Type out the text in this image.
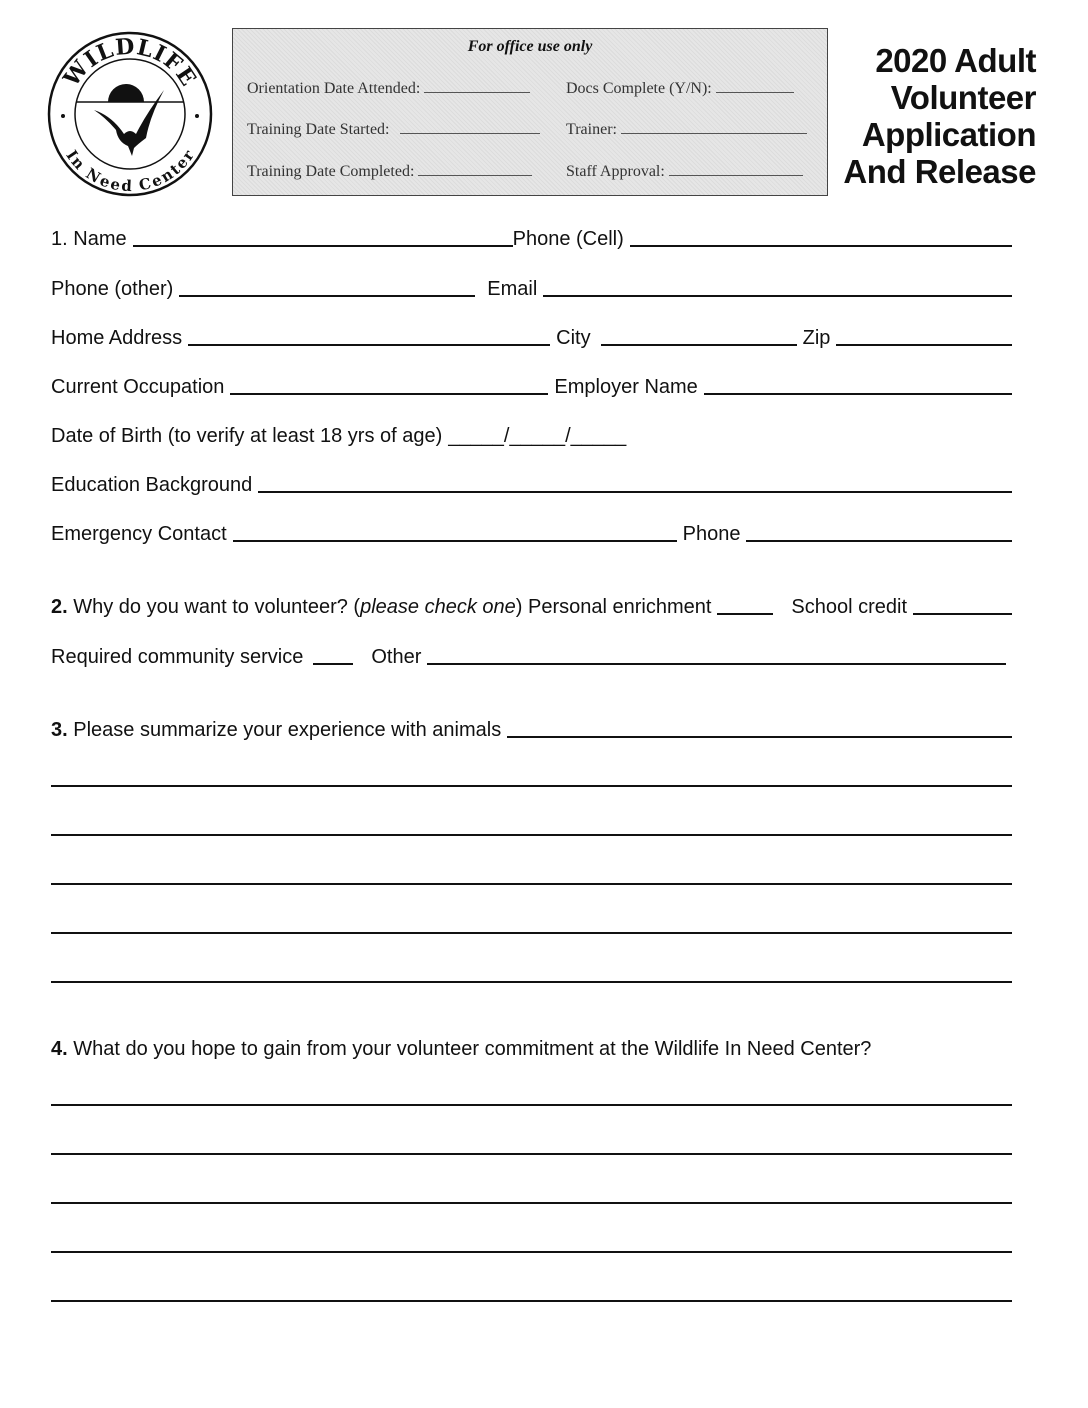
WILDLIFE
In Need Center
For office use only
Orientation Date Attended:	Docs Complete (Y/N):
Training Date Started:	Trainer:
Training Date Completed:	Staff Approval:
2020 Adult
Volunteer
Application
And Release
1.
Name	Phone (Cell)
Phone (other)	Email
Home Address	City	Zip
Current Occupation	Employer Name
Date of Birth (to verify at least 18 yrs of age) _____/_____/_____
Education Background
Emergency Contact	Phone
2.
Why do you want to volunteer? ( please check one )
Personal enrichment	School credit
Required community service	Other
3.
Please summarize your experience with animals
4.
What do you hope to gain from your volunteer commitment at the Wildlife In Need Center?
